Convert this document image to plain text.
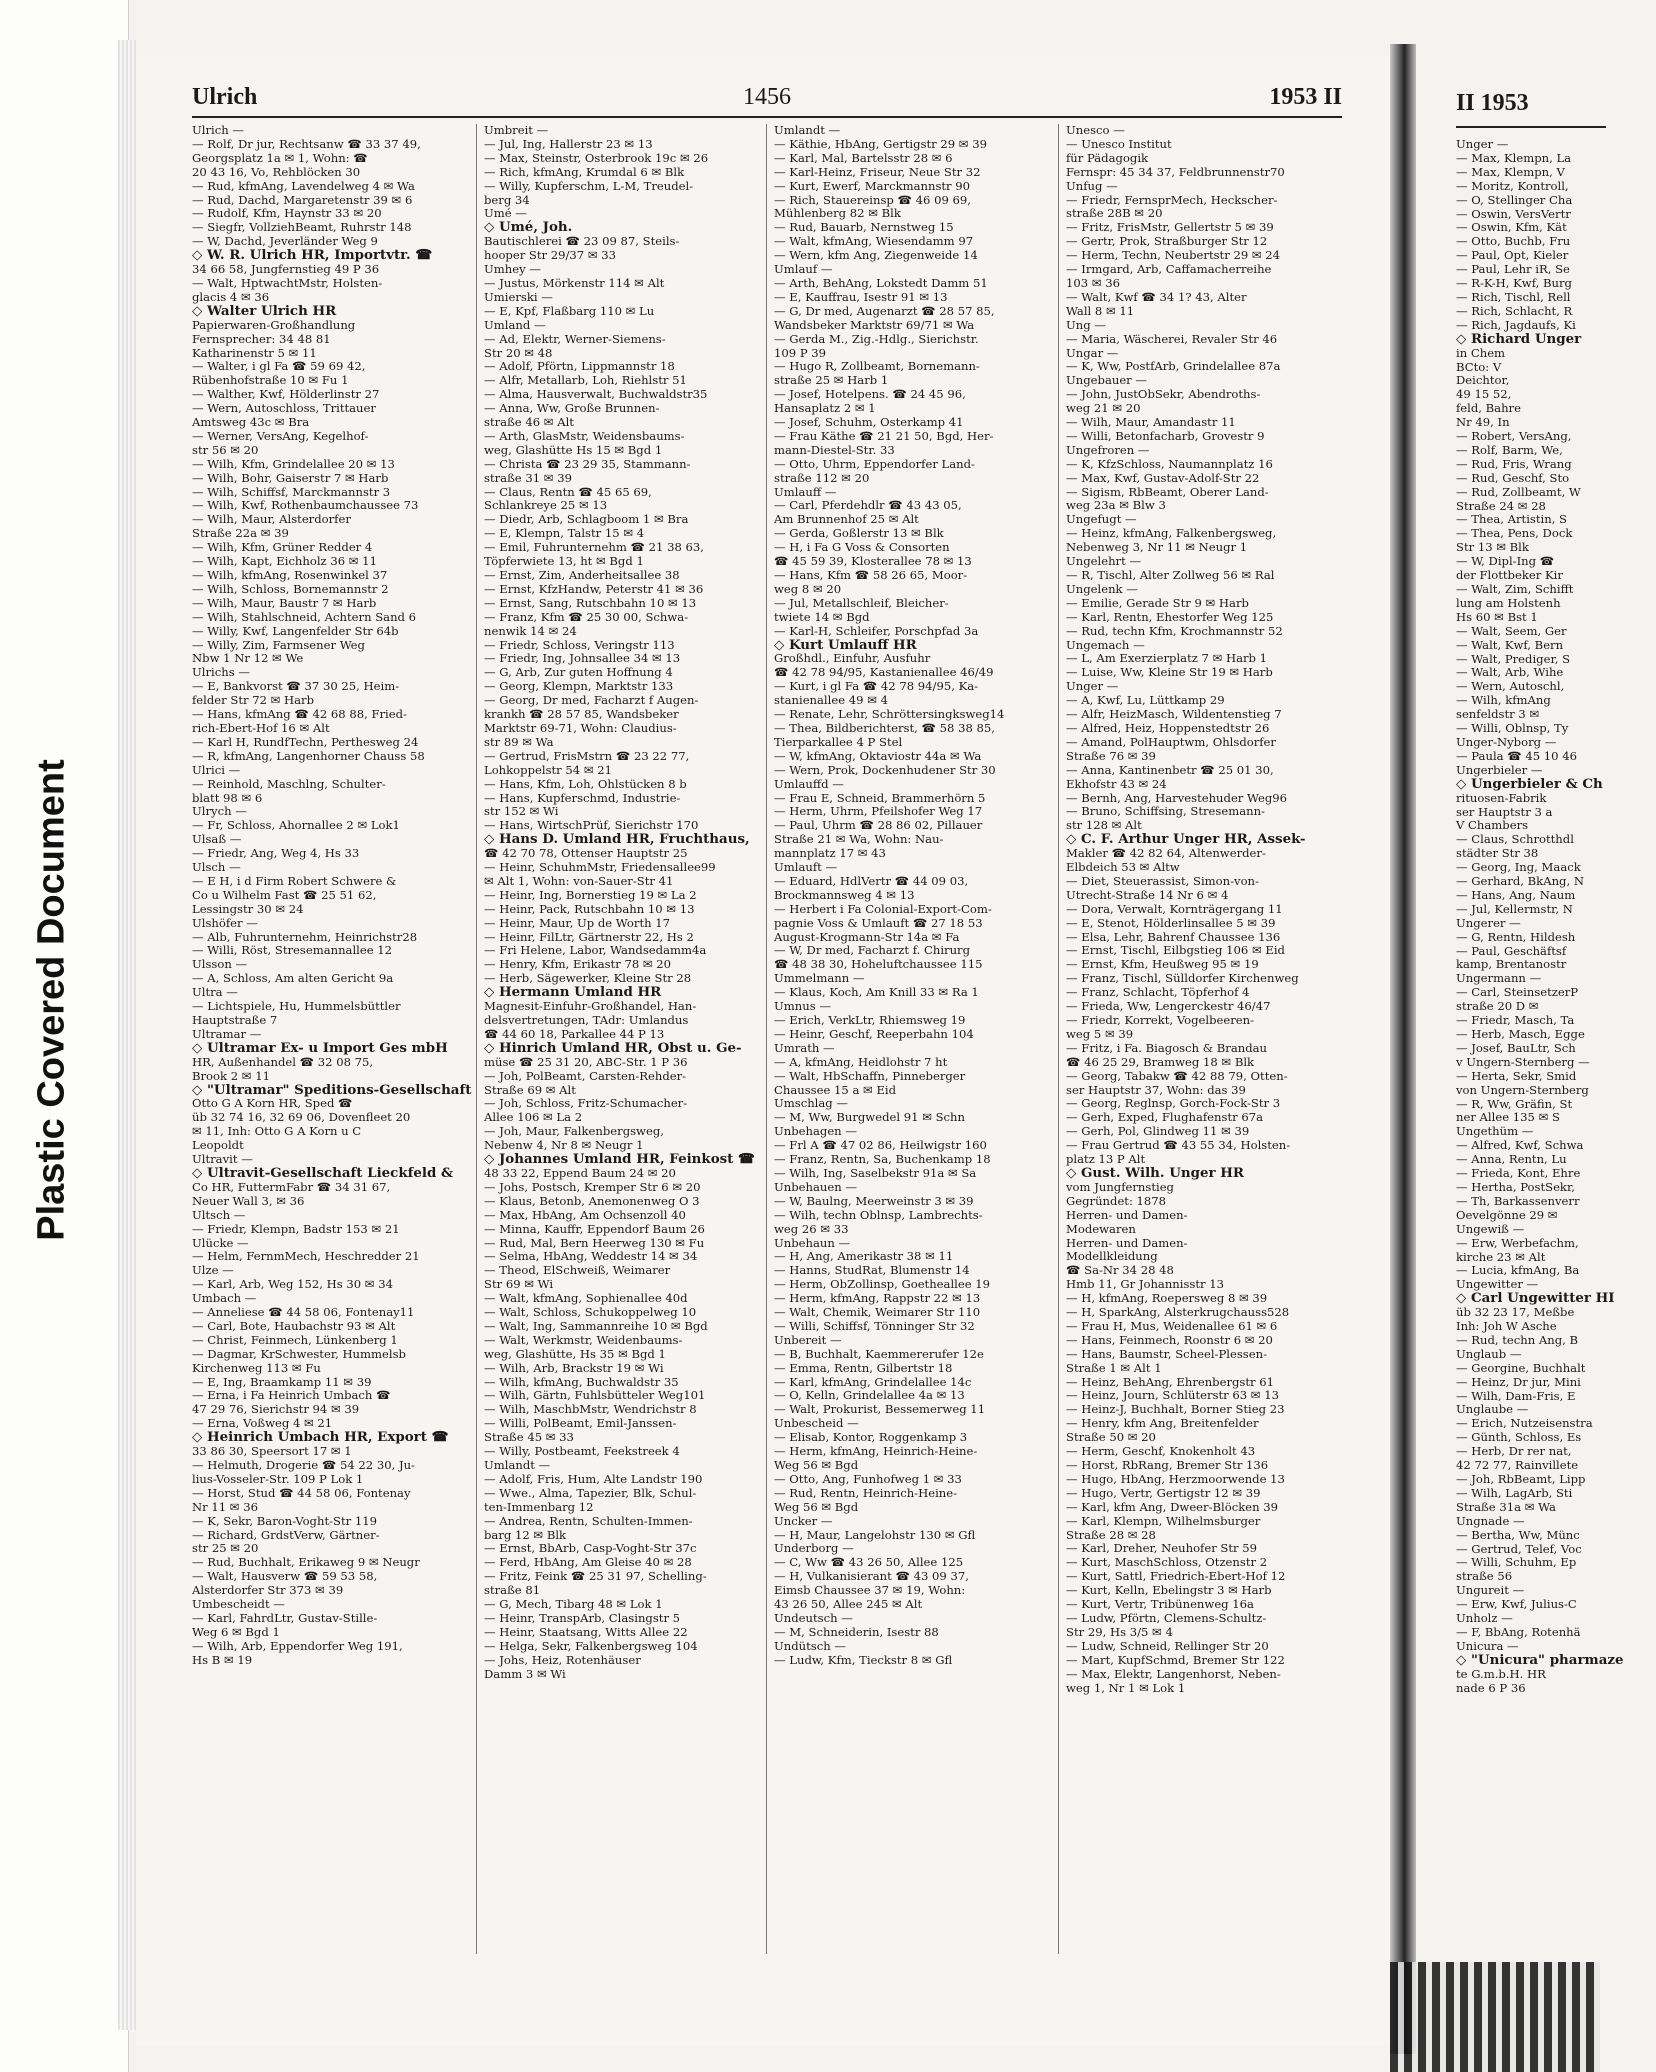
Plastic Covered Document
Ulrich	1456	1953 II
Ulrich —
— Rolf, Dr jur, Rechtsanw ☎ 33 37 49,
Georgsplatz 1a ✉ 1, Wohn: ☎
20 43 16, Vo, Rehblöcken 30
— Rud, kfmAng, Lavendelweg 4 ✉ Wa
— Rud, Dachd, Margaretenstr 39 ✉ 6
— Rudolf, Kfm, Haynstr 33 ✉ 20
— Siegfr, VollziehBeamt, Ruhrstr 148
— W, Dachd, Jeverländer Weg 9
◇ W. R. Ulrich HR, Importvtr. ☎
34 66 58, Jungfernstieg 49 P 36
— Walt, HptwachtMstr, Holsten-
glacis 4 ✉ 36
◇ Walter Ulrich HR
Papierwaren-Großhandlung
Fernsprecher: 34 48 81
Katharinenstr 5 ✉ 11
— Walter, i gl Fa ☎ 59 69 42,
Rübenhofstraße 10 ✉ Fu 1
— Walther, Kwf, Hölderlinstr 27
— Wern, Autoschloss, Trittauer
Amtsweg 43c ✉ Bra
— Werner, VersAng, Kegelhof-
str 56 ✉ 20
— Wilh, Kfm, Grindelallee 20 ✉ 13
— Wilh, Bohr, Gaiserstr 7 ✉ Harb
— Wilh, Schiffsf, Marckmannstr 3
— Wilh, Kwf, Rothenbaumchaussee 73
— Wilh, Maur, Alsterdorfer
Straße 22a ✉ 39
— Wilh, Kfm, Grüner Redder 4
— Wilh, Kapt, Eichholz 36 ✉ 11
— Wilh, kfmAng, Rosenwinkel 37
— Wilh, Schloss, Bornemannstr 2
— Wilh, Maur, Baustr 7 ✉ Harb
— Wilh, Stahlschneid, Achtern Sand 6
— Willy, Kwf, Langenfelder Str 64b
— Willy, Zim, Farmsener Weg
Nbw 1 Nr 12 ✉ We
Ulrichs —
— E, Bankvorst ☎ 37 30 25, Heim-
felder Str 72 ✉ Harb
— Hans, kfmAng ☎ 42 68 88, Fried-
rich-Ebert-Hof 16 ✉ Alt
— Karl H, RundfTechn, Perthesweg 24
— R, kfmAng, Langenhorner Chauss 58
Ulrici —
— Reinhold, Maschlng, Schulter-
blatt 98 ✉ 6
Ulrych —
— Fr, Schloss, Ahornallee 2 ✉ Lok1
Ulsaß —
— Friedr, Ang, Weg 4, Hs 33
Ulsch —
— E H, i d Firm Robert Schwere &
Co u Wilhelm Fast ☎ 25 51 62,
Lessingstr 30 ✉ 24
Ulshöfer —
— Alb, Fuhrunternehm, Heinrichstr28
— Willi, Röst, Stresemannallee 12
Ulsson —
— A, Schloss, Am alten Gericht 9a
Ultra —
— Lichtspiele, Hu, Hummelsbüttler
Hauptstraße 7
Ultramar —
◇ Ultramar Ex- u Import Ges mbH
HR, Außenhandel ☎ 32 08 75,
Brook 2 ✉ 11
◇ "Ultramar" Speditions-Gesellschaft
Otto G A Korn HR, Sped ☎
üb 32 74 16, 32 69 06, Dovenfleet 20
✉ 11, Inh: Otto G A Korn u C
Leopoldt
Ultravit —
◇ Ultravit-Gesellschaft Lieckfeld &
Co HR, FuttermFabr ☎ 34 31 67,
Neuer Wall 3, ✉ 36
Ultsch —
— Friedr, Klempn, Badstr 153 ✉ 21
Ulücke —
— Helm, FernmMech, Heschredder 21
Ulze —
— Karl, Arb, Weg 152, Hs 30 ✉ 34
Umbach —
— Anneliese ☎ 44 58 06, Fontenay11
— Carl, Bote, Haubachstr 93 ✉ Alt
— Christ, Feinmech, Lünkenberg 1
— Dagmar, KrSchwester, Hummelsb
Kirchenweg 113 ✉ Fu
— E, Ing, Braamkamp 11 ✉ 39
— Erna, i Fa Heinrich Umbach ☎
47 29 76, Sierichstr 94 ✉ 39
— Erna, Voßweg 4 ✉ 21
◇ Heinrich Umbach HR, Export ☎
33 86 30, Speersort 17 ✉ 1
— Helmuth, Drogerie ☎ 54 22 30, Ju-
lius-Vosseler-Str. 109 P Lok 1
— Horst, Stud ☎ 44 58 06, Fontenay
Nr 11 ✉ 36
— K, Sekr, Baron-Voght-Str 119
— Richard, GrdstVerw, Gärtner-
str 25 ✉ 20
— Rud, Buchhalt, Erikaweg 9 ✉ Neugr
— Walt, Hausverw ☎ 59 53 58,
Alsterdorfer Str 373 ✉ 39
Umbescheidt —
— Karl, FahrdLtr, Gustav-Stille-
Weg 6 ✉ Bgd 1
— Wilh, Arb, Eppendorfer Weg 191,
Hs B ✉ 19
Umbreit —
— Jul, Ing, Hallerstr 23 ✉ 13
— Max, Steinstr, Osterbrook 19c ✉ 26
— Rich, kfmAng, Krumdal 6 ✉ Blk
— Willy, Kupferschm, L-M, Treudel-
berg 34
Umé —
◇ Umé, Joh.
Bautischlerei ☎ 23 09 87, Steils-
hooper Str 29/37 ✉ 33
Umhey —
— Justus, Mörkenstr 114 ✉ Alt
Umierski —
— E, Kpf, Flaßbarg 110 ✉ Lu
Umland —
— Ad, Elektr, Werner-Siemens-
Str 20 ✉ 48
— Adolf, Pförtn, Lippmannstr 18
— Alfr, Metallarb, Loh, Riehlstr 51
— Alma, Hausverwalt, Buchwaldstr35
— Anna, Ww, Große Brunnen-
straße 46 ✉ Alt
— Arth, GlasMstr, Weidensbaums-
weg, Glashütte Hs 15 ✉ Bgd 1
— Christa ☎ 23 29 35, Stammann-
straße 31 ✉ 39
— Claus, Rentn ☎ 45 65 69,
Schlankreye 25 ✉ 13
— Diedr, Arb, Schlagboom 1 ✉ Bra
— E, Klempn, Talstr 15 ✉ 4
— Emil, Fuhrunternehm ☎ 21 38 63,
Töpferwiete 13, ht ✉ Bgd 1
— Ernst, Zim, Anderheitsallee 38
— Ernst, KfzHandw, Peterstr 41 ✉ 36
— Ernst, Sang, Rutschbahn 10 ✉ 13
— Franz, Kfm ☎ 25 30 00, Schwa-
nenwik 14 ✉ 24
— Friedr, Schloss, Veringstr 113
— Friedr, Ing, Johnsallee 34 ✉ 13
— G, Arb, Zur guten Hoffnung 4
— Georg, Klempn, Marktstr 133
— Georg, Dr med, Facharzt f Augen-
krankh ☎ 28 57 85, Wandsbeker
Marktstr 69-71, Wohn: Claudius-
str 89 ✉ Wa
— Gertrud, FrisMstrn ☎ 23 22 77,
Lohkoppelstr 54 ✉ 21
— Hans, Kfm, Loh, Ohlstücken 8 b
— Hans, Kupferschmd, Industrie-
str 152 ✉ Wi
— Hans, WirtschPrüf, Sierichstr 170
◇ Hans D. Umland HR, Fruchthaus,
☎ 42 70 78, Ottenser Hauptstr 25
— Heinr, SchuhmMstr, Friedensallee99
✉ Alt 1, Wohn: von-Sauer-Str 41
— Heinr, Ing, Bornerstieg 19 ✉ La 2
— Heinr, Pack, Rutschbahn 10 ✉ 13
— Heinr, Maur, Up de Worth 17
— Heinr, FilLtr, Gärtnerstr 22, Hs 2
— Fri Helene, Labor, Wandsedamm4a
— Henry, Kfm, Erikastr 78 ✉ 20
— Herb, Sägewerker, Kleine Str 28
◇ Hermann Umland HR
Magnesit-Einfuhr-Großhandel, Han-
delsvertretungen, TAdr: Umlandus
☎ 44 60 18, Parkallee 44 P 13
◇ Hinrich Umland HR, Obst u. Ge-
müse ☎ 25 31 20, ABC-Str. 1 P 36
— Joh, PolBeamt, Carsten-Rehder-
Straße 69 ✉ Alt
— Joh, Schloss, Fritz-Schumacher-
Allee 106 ✉ La 2
— Joh, Maur, Falkenbergsweg,
Nebenw 4, Nr 8 ✉ Neugr 1
◇ Johannes Umland HR, Feinkost ☎
48 33 22, Eppend Baum 24 ✉ 20
— Johs, Postsch, Kremper Str 6 ✉ 20
— Klaus, Betonb, Anemonenweg O 3
— Max, HbAng, Am Ochsenzoll 40
— Minna, Kauffr, Eppendorf Baum 26
— Rud, Mal, Bern Heerweg 130 ✉ Fu
— Selma, HbAng, Weddestr 14 ✉ 34
— Theod, ElSchweiß, Weimarer
Str 69 ✉ Wi
— Walt, kfmAng, Sophienallee 40d
— Walt, Schloss, Schukoppelweg 10
— Walt, Ing, Sammannreihe 10 ✉ Bgd
— Walt, Werkmstr, Weidenbaums-
weg, Glashütte, Hs 35 ✉ Bgd 1
— Wilh, Arb, Brackstr 19 ✉ Wi
— Wilh, kfmAng, Buchwaldstr 35
— Wilh, Gärtn, Fuhlsbütteler Weg101
— Wilh, MaschbMstr, Wendrichstr 8
— Willi, PolBeamt, Emil-Janssen-
Straße 45 ✉ 33
— Willy, Postbeamt, Feekstreek 4
Umlandt —
— Adolf, Fris, Hum, Alte Landstr 190
— Wwe., Alma, Tapezier, Blk, Schul-
ten-Immenbarg 12
— Andrea, Rentn, Schulten-Immen-
barg 12 ✉ Blk
— Ernst, BbArb, Casp-Voght-Str 37c
— Ferd, HbAng, Am Gleise 40 ✉ 28
— Fritz, Feink ☎ 25 31 97, Schelling-
straße 81
— G, Mech, Tibarg 48 ✉ Lok 1
— Heinr, TranspArb, Clasingstr 5
— Heinr, Staatsang, Witts Allee 22
— Helga, Sekr, Falkenbergsweg 104
— Johs, Heiz, Rotenhäuser
Damm 3 ✉ Wi
Umlandt —
— Käthie, HbAng, Gertigstr 29 ✉ 39
— Karl, Mal, Bartelsstr 28 ✉ 6
— Karl-Heinz, Friseur, Neue Str 32
— Kurt, Ewerf, Marckmannstr 90
— Rich, Stauereinsp ☎ 46 09 69,
Mühlenberg 82 ✉ Blk
— Rud, Bauarb, Nernstweg 15
— Walt, kfmAng, Wiesendamm 97
— Wern, kfm Ang, Ziegenweide 14
Umlauf —
— Arth, BehAng, Lokstedt Damm 51
— E, Kauffrau, Isestr 91 ✉ 13
— G, Dr med, Augenarzt ☎ 28 57 85,
Wandsbeker Marktstr 69/71 ✉ Wa
— Gerda M., Zig.-Hdlg., Sierichstr.
109 P 39
— Hugo R, Zollbeamt, Bornemann-
straße 25 ✉ Harb 1
— Josef, Hotelpens. ☎ 24 45 96,
Hansaplatz 2 ✉ 1
— Josef, Schuhm, Osterkamp 41
— Frau Käthe ☎ 21 21 50, Bgd, Her-
mann-Diestel-Str. 33
— Otto, Uhrm, Eppendorfer Land-
straße 112 ✉ 20
Umlauff —
— Carl, Pferdehdlr ☎ 43 43 05,
Am Brunnenhof 25 ✉ Alt
— Gerda, Goßlerstr 13 ✉ Blk
— H, i Fa G Voss & Consorten
☎ 45 59 39, Klosterallee 78 ✉ 13
— Hans, Kfm ☎ 58 26 65, Moor-
weg 8 ✉ 20
— Jul, Metallschleif, Bleicher-
twiete 14 ✉ Bgd
— Karl-H, Schleifer, Porschpfad 3a
◇ Kurt Umlauff HR
Großhdl., Einfuhr, Ausfuhr
☎ 42 78 94/95, Kastanienallee 46/49
— Kurt, i gl Fa ☎ 42 78 94/95, Ka-
stanienallee 49 ✉ 4
— Renate, Lehr, Schröttersingksweg14
— Thea, Bildberichterst, ☎ 58 38 85,
Tierparkallee 4 P Stel
— W, kfmAng, Oktaviostr 44a ✉ Wa
— Wern, Prok, Dockenhudener Str 30
Umlauffd —
— Frau E, Schneid, Brammerhörn 5
— Herm, Uhrm, Pfeilshofer Weg 17
— Paul, Uhrm ☎ 28 86 02, Pillauer
Straße 21 ✉ Wa, Wohn: Nau-
mannplatz 17 ✉ 43
Umlauft —
— Eduard, HdlVertr ☎ 44 09 03,
Brockmannsweg 4 ✉ 13
— Herbert i Fa Colonial-Export-Com-
pagnie Voss & Umlauft ☎ 27 18 53
August-Krogmann-Str 14a ✉ Fa
— W, Dr med, Facharzt f. Chirurg
☎ 48 38 30, Hoheluftchaussee 115
Ummelmann —
— Klaus, Koch, Am Knill 33 ✉ Ra 1
Umnus —
— Erich, VerkLtr, Rhiemsweg 19
— Heinr, Geschf, Reeperbahn 104
Umrath —
— A, kfmAng, Heidlohstr 7 ht
— Walt, HbSchaffn, Pinneberger
Chaussee 15 a ✉ Eid
Umschlag —
— M, Ww, Burgwedel 91 ✉ Schn
Unbehagen —
— Frl A ☎ 47 02 86, Heilwigstr 160
— Franz, Rentn, Sa, Buchenkamp 18
— Wilh, Ing, Saselbekstr 91a ✉ Sa
Unbehauen —
— W, Baulng, Meerweinstr 3 ✉ 39
— Wilh, techn Oblnsp, Lambrechts-
weg 26 ✉ 33
Unbehaun —
— H, Ang, Amerikastr 38 ✉ 11
— Hanns, StudRat, Blumenstr 14
— Herm, ObZollinsp, Goetheallee 19
— Herm, kfmAng, Rappstr 22 ✉ 13
— Walt, Chemik, Weimarer Str 110
— Willi, Schiffsf, Tönninger Str 32
Unbereit —
— B, Buchhalt, Kaemmererufer 12e
— Emma, Rentn, Gilbertstr 18
— Karl, kfmAng, Grindelallee 14c
— O, Kelln, Grindelallee 4a ✉ 13
— Walt, Prokurist, Bessemerweg 11
Unbescheid —
— Elisab, Kontor, Roggenkamp 3
— Herm, kfmAng, Heinrich-Heine-
Weg 56 ✉ Bgd
— Otto, Ang, Funhofweg 1 ✉ 33
— Rud, Rentn, Heinrich-Heine-
Weg 56 ✉ Bgd
Uncker —
— H, Maur, Langelohstr 130 ✉ Gfl
Underborg —
— C, Ww ☎ 43 26 50, Allee 125
— H, Vulkanisierant ☎ 43 09 37,
Eimsb Chaussee 37 ✉ 19, Wohn:
43 26 50, Allee 245 ✉ Alt
Undeutsch —
— M, Schneiderin, Isestr 88
Undütsch —
— Ludw, Kfm, Tieckstr 8 ✉ Gfl
Unesco —
— Unesco Institut
für Pädagogik
Fernspr: 45 34 37, Feldbrunnenstr70
Unfug —
— Friedr, FernsprMech, Heckscher-
straße 28B ✉ 20
— Fritz, FrisMstr, Gellertstr 5 ✉ 39
— Gertr, Prok, Straßburger Str 12
— Herm, Techn, Neubertstr 29 ✉ 24
— Irmgard, Arb, Caffamacherreihe
103 ✉ 36
— Walt, Kwf ☎ 34 1? 43, Alter
Wall 8 ✉ 11
Ung —
— Maria, Wäscherei, Revaler Str 46
Ungar —
— K, Ww, PostfArb, Grindelallee 87a
Ungebauer —
— John, JustObSekr, Abendroths-
weg 21 ✉ 20
— Wilh, Maur, Amandastr 11
— Willi, Betonfacharb, Grovestr 9
Ungefroren —
— K, KfzSchloss, Naumannplatz 16
— Max, Kwf, Gustav-Adolf-Str 22
— Sigism, RbBeamt, Oberer Land-
weg 23a ✉ Blw 3
Ungefugt —
— Heinz, kfmAng, Falkenbergsweg,
Nebenweg 3, Nr 11 ✉ Neugr 1
Ungelehrt —
— R, Tischl, Alter Zollweg 56 ✉ Ral
Ungelenk —
— Emilie, Gerade Str 9 ✉ Harb
— Karl, Rentn, Ehestorfer Weg 125
— Rud, techn Kfm, Krochmannstr 52
Ungemach —
— L, Am Exerzierplatz 7 ✉ Harb 1
— Luise, Ww, Kleine Str 19 ✉ Harb
Unger —
— A, Kwf, Lu, Lüttkamp 29
— Alfr, HeizMasch, Wildentenstieg 7
— Alfred, Heiz, Hoppenstedtstr 26
— Amand, PolHauptwm, Ohlsdorfer
Straße 76 ✉ 39
— Anna, Kantinenbetr ☎ 25 01 30,
Ekhofstr 43 ✉ 24
— Bernh, Ang, Harvestehuder Weg96
— Bruno, Schiffsing, Stresemann-
str 128 ✉ Alt
◇ C. F. Arthur Unger HR, Assek-
Makler ☎ 42 82 64, Altenwerder-
Elbdeich 53 ✉ Altw
— Diet, Steuerassist, Simon-von-
Utrecht-Straße 14 Nr 6 ✉ 4
— Dora, Verwalt, Kornträgergang 11
— E, Stenot, Hölderlinsallee 5 ✉ 39
— Elsa, Lehr, Bahrenf Chaussee 136
— Ernst, Tischl, Eilbgstieg 106 ✉ Eid
— Ernst, Kfm, Heußweg 95 ✉ 19
— Franz, Tischl, Sülldorfer Kirchenweg
— Franz, Schlacht, Töpferhof 4
— Frieda, Ww, Lengerckestr 46/47
— Friedr, Korrekt, Vogelbeeren-
weg 5 ✉ 39
— Fritz, i Fa. Biagosch & Brandau
☎ 46 25 29, Bramweg 18 ✉ Blk
— Georg, Tabakw ☎ 42 88 79, Otten-
ser Hauptstr 37, Wohn: das 39
— Georg, Reglnsp, Gorch-Fock-Str 3
— Gerh, Exped, Flughafenstr 67a
— Gerh, Pol, Glindweg 11 ✉ 39
— Frau Gertrud ☎ 43 55 34, Holsten-
platz 13 P Alt
◇ Gust. Wilh. Unger HR
vom Jungfernstieg
Gegründet: 1878
Herren- und Damen-
Modewaren
Herren- und Damen-
Modellkleidung
☎ Sa-Nr 34 28 48
Hmb 11, Gr Johannisstr 13
— H, kfmAng, Roepersweg 8 ✉ 39
— H, SparkAng, Alsterkrugchauss528
— Frau H, Mus, Weidenallee 61 ✉ 6
— Hans, Feinmech, Roonstr 6 ✉ 20
— Hans, Baumstr, Scheel-Plessen-
Straße 1 ✉ Alt 1
— Heinz, BehAng, Ehrenbergstr 61
— Heinz, Journ, Schlüterstr 63 ✉ 13
— Heinz-J, Buchhalt, Borner Stieg 23
— Henry, kfm Ang, Breitenfelder
Straße 50 ✉ 20
— Herm, Geschf, Knokenholt 43
— Horst, RbRang, Bremer Str 136
— Hugo, HbAng, Herzmoorwende 13
— Hugo, Vertr, Gertigstr 12 ✉ 39
— Karl, kfm Ang, Dweer-Blöcken 39
— Karl, Klempn, Wilhelmsburger
Straße 28 ✉ 28
— Karl, Dreher, Neuhofer Str 59
— Kurt, MaschSchloss, Otzenstr 2
— Kurt, Sattl, Friedrich-Ebert-Hof 12
— Kurt, Kelln, Ebelingstr 3 ✉ Harb
— Kurt, Vertr, Tribünenweg 16a
— Ludw, Pförtn, Clemens-Schultz-
Str 29, Hs 3/5 ✉ 4
— Ludw, Schneid, Rellinger Str 20
— Mart, KupfSchmd, Bremer Str 122
— Max, Elektr, Langenhorst, Neben-
weg 1, Nr 1 ✉ Lok 1
II 1953
Unger —
— Max, Klempn, La
— Max, Klempn, V
— Moritz, Kontroll,
— O, Stellinger Cha
— Oswin, VersVertr
— Oswin, Kfm, Kät
— Otto, Buchb, Fru
— Paul, Opt, Kieler
— Paul, Lehr iR, Se
— R-K-H, Kwf, Burg
— Rich, Tischl, Rell
— Rich, Schlacht, R
— Rich, Jagdaufs, Ki
◇ Richard Unger
in Chem
BCto: V
Deichtor,
49 15 52,
feld, Bahre
Nr 49, In
— Robert, VersAng,
— Rolf, Barm, We,
— Rud, Fris, Wrang
— Rud, Geschf, Sto
— Rud, Zollbeamt, W
Straße 24 ✉ 28
— Thea, Artistin, S
— Thea, Pens, Dock
Str 13 ✉ Blk
— W, Dipl-Ing ☎
der Flottbeker Kir
— Walt, Zim, Schifft
lung am Holstenh
Hs 60 ✉ Bst 1
— Walt, Seem, Ger
— Walt, Kwf, Bern
— Walt, Prediger, S
— Walt, Arb, Wihe
— Wern, Autoschl,
— Wilh, kfmAng
senfeldstr 3 ✉
— Willi, Oblnsp, Ty
Unger-Nyborg —
— Paula ☎ 45 10 46
Ungerbieler —
◇ Ungerbieler & Ch
rituosen-Fabrik
ser Hauptstr 3 a
V Chambers
— Claus, Schrotthdl
städter Str 38
— Georg, Ing, Maack
— Gerhard, BkAng, N
— Hans, Ang, Naum
— Jul, Kellermstr, N
Ungerer —
— G, Rentn, Hildesh
— Paul, Geschäftsf
kamp, Brentanostr
Ungermann —
— Carl, SteinsetzerP
straße 20 D ✉
— Friedr, Masch, Ta
— Herb, Masch, Egge
— Josef, BauLtr, Sch
v Ungern-Sternberg —
— Herta, Sekr, Smid
von Ungern-Sternberg
— R, Ww, Gräfin, St
ner Allee 135 ✉ S
Ungethüm —
— Alfred, Kwf, Schwa
— Anna, Rentn, Lu
— Frieda, Kont, Ehre
— Hertha, PostSekr,
— Th, Barkassenverr
Oevelgönne 29 ✉
Ungewiß —
— Erw, Werbefachm,
kirche 23 ✉ Alt
— Lucia, kfmAng, Ba
Ungewitter —
◇ Carl Ungewitter HI
üb 32 23 17, Meßbe
Inh: Joh W Asche
— Rud, techn Ang, B
Unglaub —
— Georgine, Buchhalt
— Heinz, Dr jur, Mini
— Wilh, Dam-Fris, E
Unglaube —
— Erich, Nutzeisenstra
— Günth, Schloss, Es
— Herb, Dr rer nat,
42 72 77, Rainvillete
— Joh, RbBeamt, Lipp
— Wilh, LagArb, Sti
Straße 31a ✉ Wa
Ungnade —
— Bertha, Ww, Münc
— Gertrud, Telef, Voc
— Willi, Schuhm, Ep
straße 56
Ungureit —
— Erw, Kwf, Julius-C
Unholz —
— F, BbAng, Rotenhä
Unicura —
◇ "Unicura" pharmaze
te G.m.b.H. HR
nade 6 P 36
